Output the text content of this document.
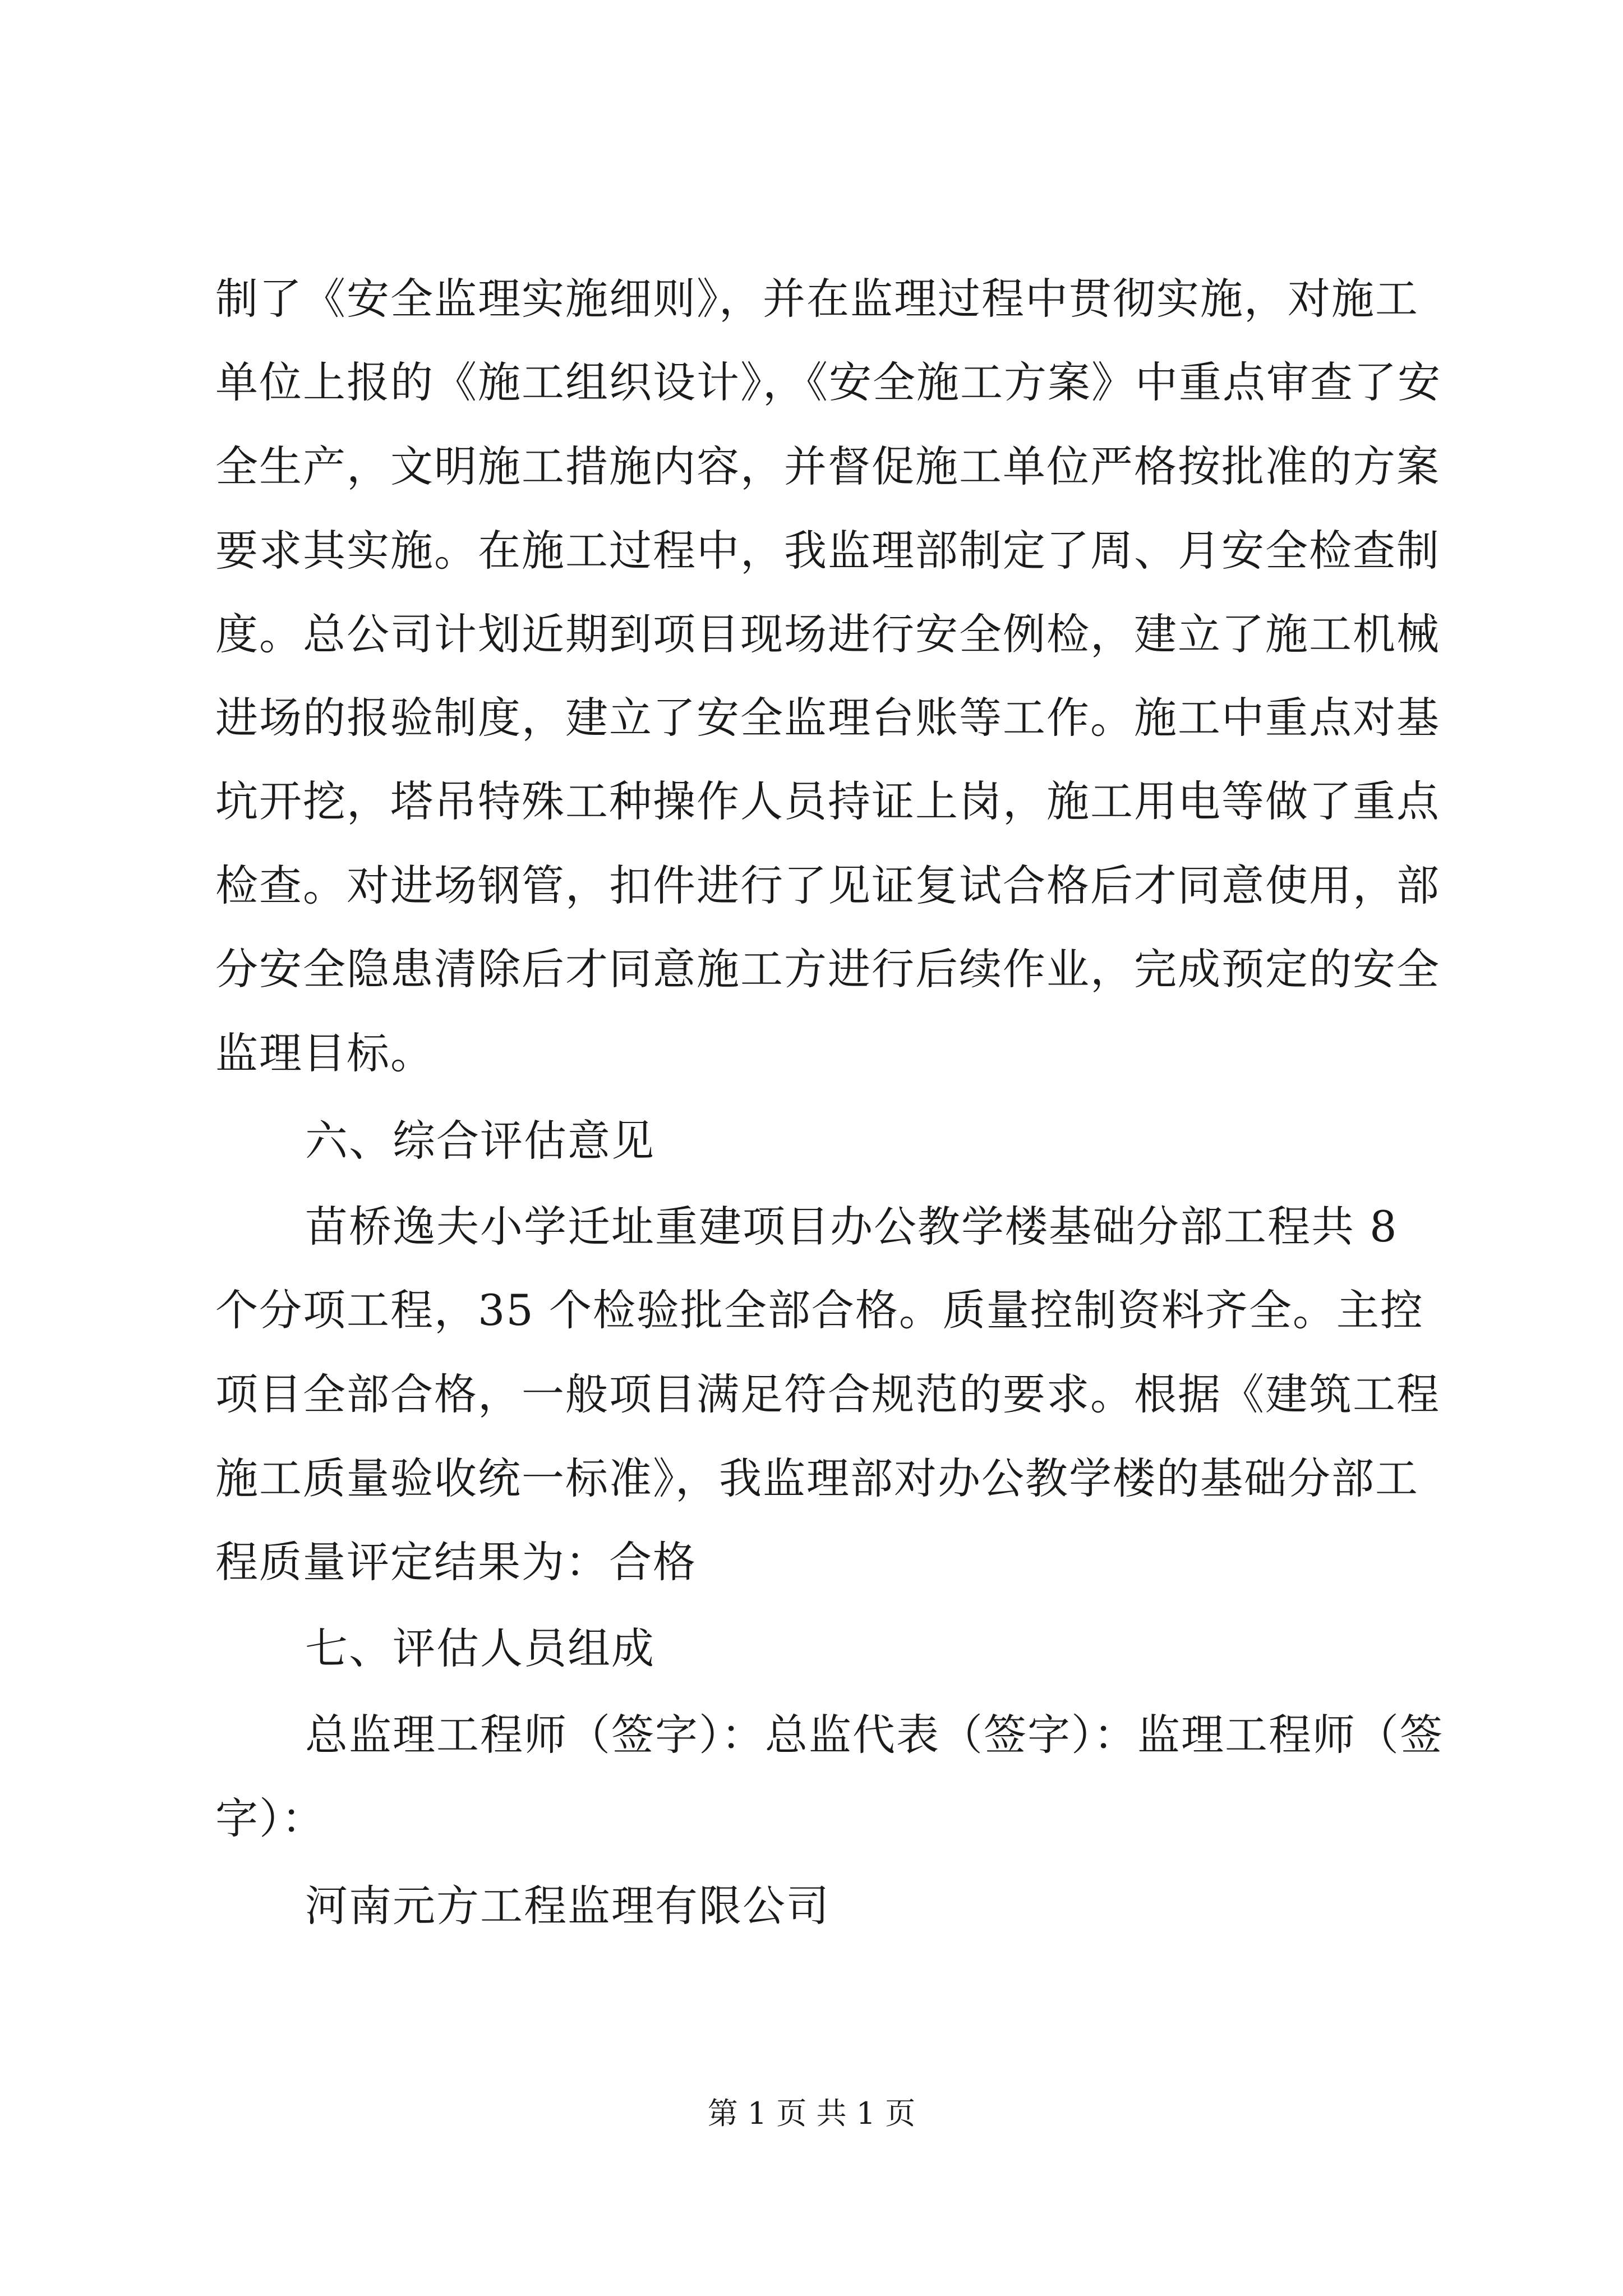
制了《安全监理实施细则》，并在监理过程中贯彻实施，对施工

单位上报的《施工组织设计》，《安全施工方案》中重点审查了安

全生产，文明施工措施内容，并督促施工单位严格按批准的方案

要求其实施。在施工过程中，我监理部制定了周、月安全检查制

度。总公司计划近期到项目现场进行安全例检，建立了施工机械

进场的报验制度，建立了安全监理台账等工作。施工中重点对基

坑开挖，塔吊特殊工种操作人员持证上岗，施工用电等做了重点

检查。对进场钢管，扣件进行了见证复试合格后才同意使用，部

分安全隐患清除后才同意施工方进行后续作业，完成预定的安全

监理目标。

六、综合评估意见

苗桥逸夫小学迁址重建项目办公教学楼基础分部工程共 8

个分项工程，35 个检验批全部合格。质量控制资料齐全。主控

项目全部合格，一般项目满足符合规范的要求。根据《建筑工程

施工质量验收统一标准》，我监理部对办公教学楼的基础分部工

程质量评定结果为：合格

七、评估人员组成

总监理工程师（签字）：总监代表（签字）：监理工程师（签

字）：

河南元方工程监理有限公司

第 1 页 共 1 页
